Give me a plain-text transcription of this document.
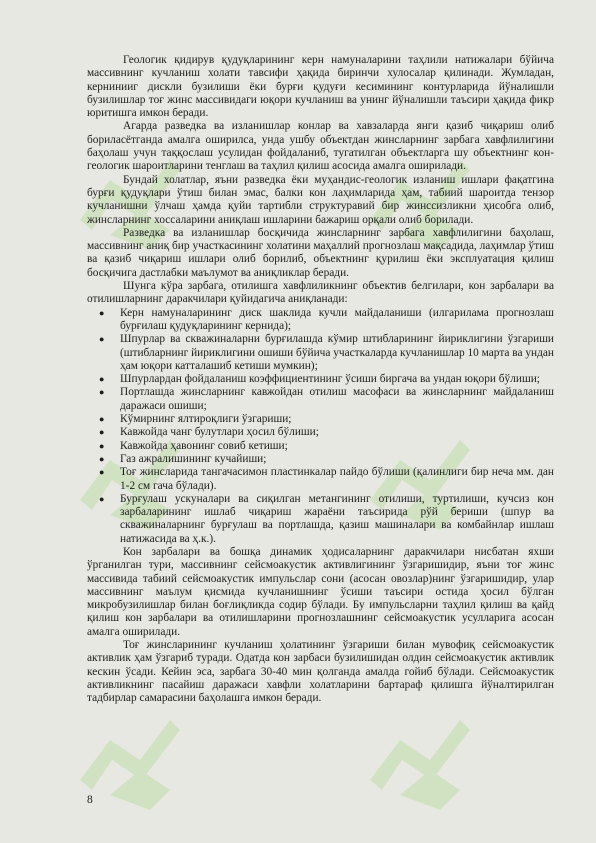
Геологик қидирув қудуқларининг керн намуналарини таҳлили натижалари бўйича массивнинг кучланиш холати тавсифи ҳақида биринчи хулосалар қилинади. Жумладан, кернинииг дискли бузилиши ёки бурғи қудуғи кесимининг контурларида йўналишли бузилишлар тоғ жинс массивидаги юқори кучланиш ва унинг йўналишли таъсири ҳақида фикр юритишга имкон беради.

Агарда разведка ва изланишлар конлар ва хавзаларда янги қазиб чиқариш олиб бориласётганда амалга оширилса, унда ушбу объектдан жинсларнинг зарбага хавфлилигини баҳолаш учун таққослаш усулидан фойдаланиб, тугатилган объектларга шу объектнинг кон-геологик шароитларини тенглаш ва таҳлил қилиш асосида амалга оширилади.

Бундай холатлар, яъни разведка ёки муҳандис-геологик изланиш ишлари фақатгина бурғи қудуқлари ўтиш билан эмас, балки кон лаҳимларида ҳам, табиий шароитда тензор кучланишни ўлчаш ҳамда қуйи тартибли структуравий бир жинссизликни ҳисобга олиб, жинсларнинг хоссаларини аниқлаш ишларини бажариш орқали олиб борилади.

Разведка ва изланишлар босқичида жинсларнинг зарбага хавфлилигини баҳолаш, массивнинг аниқ бир участкасининг холатини маҳаллий прогнозлаш мақсадида, лаҳимлар ўтиш ва қазиб чиқариш ишлари олиб борилиб, объектнинг қурилиш ёки эксплуатация қилиш босқичига дастлабки маълумот ва аниқликлар беради.

Шунга кўра зарбага, отилишга хавфлиликнинг объектив белгилари, кон зарбалари ва отилишларнинг даракчилари қуйидагича аниқланади:

● Керн намуналарининг диск шаклида кучли майдаланиши (илгарилама прогнозлаш бурғилаш қудуқларининг кернида);
● Шпурлар ва скважиналарни бурғилашда кўмир штибларининг йириклигини ўзгариши (штибларнинг йириклигини ошиши бўйича участкаларда кучланишлар 10 марта ва ундан ҳам юқори катталашиб кетиши мумкин);
● Шпурлардан фойдаланиш коэффициентининг ўсиши биргача ва ундан юқори бўлиши;
● Портлашда жинсларнинг кавжойдан отилиш масофаси ва жинсларнинг майдаланиш даражаси ошиши;
● Кўмирнинг ялтироқлиги ўзгариши;
● Кавжойда чанг булутлари ҳосил бўлиши;
● Кавжойда ҳавонинг совиб кетиши;
● Газ ажралишининг кучайиши;
● Тоғ жинсларида тангачасимон пластинкалар пайдо бўлиши (қалинлиги бир неча мм. дан 1-2 см гача бўлади).
● Бурғулаш ускуналари ва сиқилган метангининг отилиши, туртилиши, кучсиз кон зарбаларининг ишлаб чиқариш жараёни таъсирида рўй бериши (шпур ва скважиналарнинг бурғулаш ва портлашда, қазиш машиналари ва комбайнлар ишлаш натижасида ва ҳ.к.).

Кон зарбалари ва бошқа динамик ҳодисаларнинг даракчилари нисбатан яхши ўрганилган тури, массивнинг сейсмоакустик активлигининг ўзгаришидир, яъни тоғ жинс массивида табиий сейсмоакустик импульслар сони (асосан овозлар)нинг ўзгаришидир, улар массивнинг маълум қисмида кучланишнинг ўсиши таъсири остида ҳосил бўлган микробузилишлар билан боғлиқликда содир бўлади. Бу импульсларни таҳлил қилиш ва қайд қилиш кон зарбалари ва отилишларини прогнозлашнинг сейсмоакустик усулларига асосан амалга оширилади.

Тоғ жинсларининг кучланиш ҳолатининг ўзгариши билан мувофиқ сейсмоакустик активлик ҳам ўзгариб туради. Одатда кон зарбаси бузилишидан олдин сейсмоакустик активлик кескин ўсади. Кейин эса, зарбага 30-40 мин қолганда амалда гойиб бўлади. Сейсмоакустик активликнинг пасайиш даражаси хавфли холатларини бартараф қилишга йўналтирилган тадбирлар самарасини баҳолашга имкон беради.

8
